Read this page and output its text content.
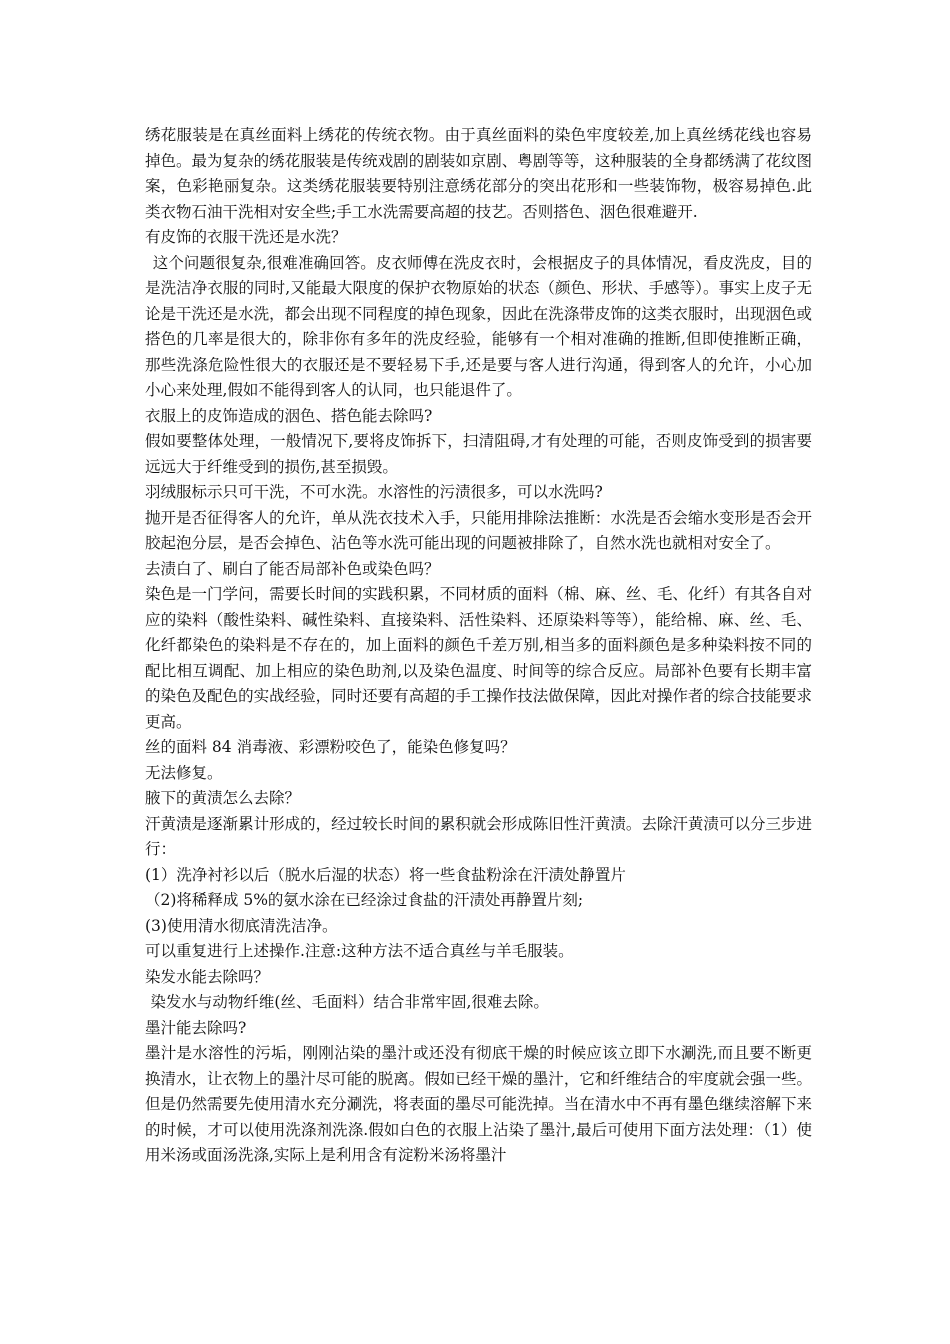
绣花服装是在真丝面料上绣花的传统衣物。由于真丝面料的染色牢度较差,加上真丝绣花线也容易掉色。最为复杂的绣花服装是传统戏剧的剧装如京剧、粤剧等等，这种服装的全身都绣满了花纹图案，色彩艳丽复杂。这类绣花服装要特别注意绣花部分的突出花形和一些装饰物，极容易掉色.此类衣物石油干洗相对安全些;手工水洗需要高超的技艺。否则搭色、洇色很难避开.

有皮饰的衣服干洗还是水洗？

这个问题很复杂,很难准确回答。皮衣师傅在洗皮衣时，会根据皮子的具体情况，看皮洗皮，目的是洗洁净衣服的同时,又能最大限度的保护衣物原始的状态（颜色、形状、手感等）。事实上皮子无论是干洗还是水洗，都会出现不同程度的掉色现象，因此在洗涤带皮饰的这类衣服时，出现洇色或搭色的几率是很大的，除非你有多年的洗皮经验，能够有一个相对准确的推断,但即使推断正确，那些洗涤危险性很大的衣服还是不要轻易下手,还是要与客人进行沟通，得到客人的允许，小心加小心来处理,假如不能得到客人的认同，也只能退件了。

衣服上的皮饰造成的洇色、搭色能去除吗?

假如要整体处理，一般情况下,要将皮饰拆下，扫清阻碍,才有处理的可能，否则皮饰受到的损害要远远大于纤维受到的损伤,甚至损毁。

羽绒服标示只可干洗，不可水洗。水溶性的污渍很多，可以水洗吗?

抛开是否征得客人的允许，单从洗衣技术入手，只能用排除法推断：水洗是否会缩水变形是否会开胶起泡分层，是否会掉色、沾色等水洗可能出现的问题被排除了，自然水洗也就相对安全了。

去渍白了、刷白了能否局部补色或染色吗？

染色是一门学问，需要长时间的实践积累，不同材质的面料（棉、麻、丝、毛、化纤）有其各自对应的染料（酸性染料、碱性染料、直接染料、活性染料、还原染料等等），能给棉、麻、丝、毛、化纤都染色的染料是不存在的，加上面料的颜色千差万别,相当多的面料颜色是多种染料按不同的配比相互调配、加上相应的染色助剂,以及染色温度、时间等的综合反应。局部补色要有长期丰富的染色及配色的实战经验，同时还要有高超的手工操作技法做保障，因此对操作者的综合技能要求更高。

丝的面料 84 消毒液、彩漂粉咬色了，能染色修复吗？

无法修复。

腋下的黄渍怎么去除？

汗黄渍是逐渐累计形成的，经过较长时间的累积就会形成陈旧性汗黄渍。去除汗黄渍可以分三步进行：

(1）洗净衬衫以后（脱水后湿的状态）将一些食盐粉涂在汗渍处静置片

（2)将稀释成 5%的氨水涂在已经涂过食盐的汗渍处再静置片刻;

(3)使用清水彻底清洗洁净。

可以重复进行上述操作.注意:这种方法不适合真丝与羊毛服装。

染发水能去除吗？

染发水与动物纤维(丝、毛面料）结合非常牢固,很难去除。

墨汁能去除吗?

墨汁是水溶性的污垢，刚刚沾染的墨汁或还没有彻底干燥的时候应该立即下水涮洗,而且要不断更换清水，让衣物上的墨汁尽可能的脱离。假如已经干燥的墨汁，它和纤维结合的牢度就会强一些。但是仍然需要先使用清水充分涮洗，将表面的墨尽可能洗掉。当在清水中不再有墨色继续溶解下来的时候，才可以使用洗涤剂洗涤.假如白色的衣服上沾染了墨汁,最后可使用下面方法处理：（1）使用米汤或面汤洗涤,实际上是利用含有淀粉米汤将墨汁
